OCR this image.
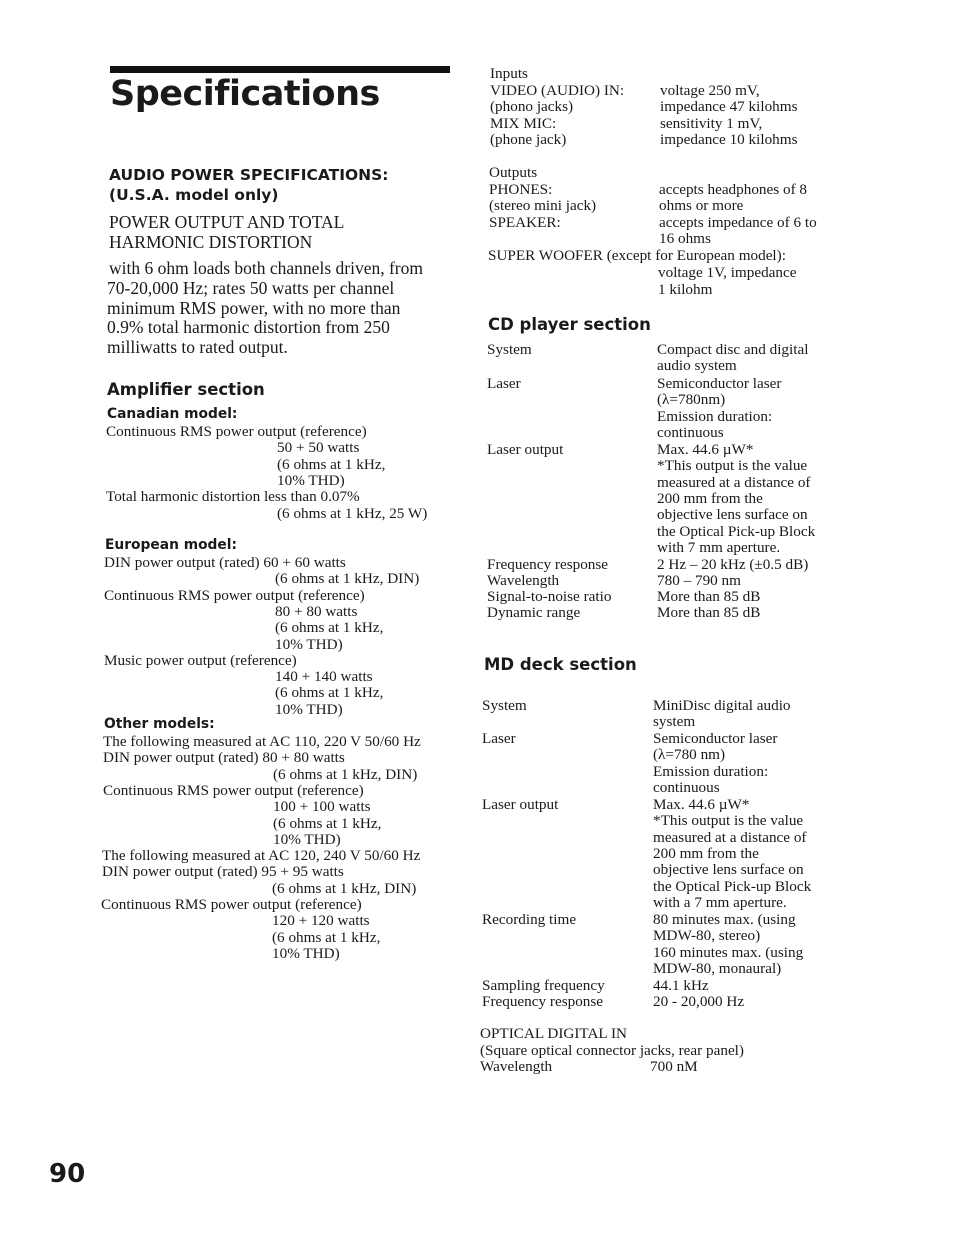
Specifications
AUDIO POWER SPECIFICATIONS:
(U.S.A. model only)
POWER OUTPUT AND TOTAL
HARMONIC DISTORTION
with 6 ohm loads both channels driven, from
70-20,000 Hz; rates 50 watts per channel
minimum RMS power, with no more than
0.9% total harmonic distortion from 250
milliwatts to rated output.
Amplifier section
Canadian model:
Continuous RMS power output (reference)
50 + 50 watts
(6 ohms at 1 kHz,
10% THD)
Total harmonic distortion less than 0.07%
(6 ohms at 1 kHz, 25 W)
European model:
DIN power output (rated) 60 + 60 watts
(6 ohms at 1 kHz, DIN)
Continuous RMS power output (reference)
80 + 80 watts
(6 ohms at 1 kHz,
10% THD)
Music power output (reference)
140 + 140 watts
(6 ohms at 1 kHz,
10% THD)
Other models:
The following measured at AC 110, 220 V 50/60 Hz
DIN power output (rated) 80 + 80 watts
(6 ohms at 1 kHz, DIN)
Continuous RMS power output (reference)
100 + 100 watts
(6 ohms at 1 kHz,
10% THD)
The following measured at AC 120, 240 V 50/60 Hz
DIN power output (rated) 95 + 95 watts
(6 ohms at 1 kHz, DIN)
Continuous RMS power output (reference)
120 + 120 watts
(6 ohms at 1 kHz,
10% THD)
Inputs
VIDEO (AUDIO) IN: voltage 250 mV,
(phono jacks)	impedance 47 kilohms
MIX MIC:	sensitivity 1 mV,
(phone jack)	impedance 10 kilohms
Outputs
PHONES:	accepts headphones of 8
(stereo mini jack)	ohms or more
SPEAKER:	accepts impedance of 6 to
16 ohms
SUPER WOOFER (except for European model):
voltage 1V, impedance
1 kilohm
CD player section
System	Compact disc and digital
audio system
Laser	Semiconductor laser
(λ=780nm)
Emission duration:
continuous
Laser output	Max. 44.6 µW*
*This output is the value
measured at a distance of
200 mm from the
objective lens surface on
the Optical Pick-up Block
with 7 mm aperture.
Frequency response	2 Hz – 20 kHz (±0.5 dB)
Wavelength	780 – 790 nm
Signal-to-noise ratio	More than 85 dB
Dynamic range	More than 85 dB
MD deck section
System	MiniDisc digital audio
system
Laser	Semiconductor laser
(λ=780 nm)
Emission duration:
continuous
Laser output	Max. 44.6 µW*
*This output is the value
measured at a distance of
200 mm from the
objective lens surface on
the Optical Pick-up Block
with a 7 mm aperture.
Recording time	80 minutes max. (using
MDW-80, stereo)
160 minutes max. (using
MDW-80, monaural)
Sampling frequency	44.1 kHz
Frequency response	20 - 20,000 Hz
OPTICAL DIGITAL IN
(Square optical connector jacks, rear panel)
Wavelength	700 nM
90
